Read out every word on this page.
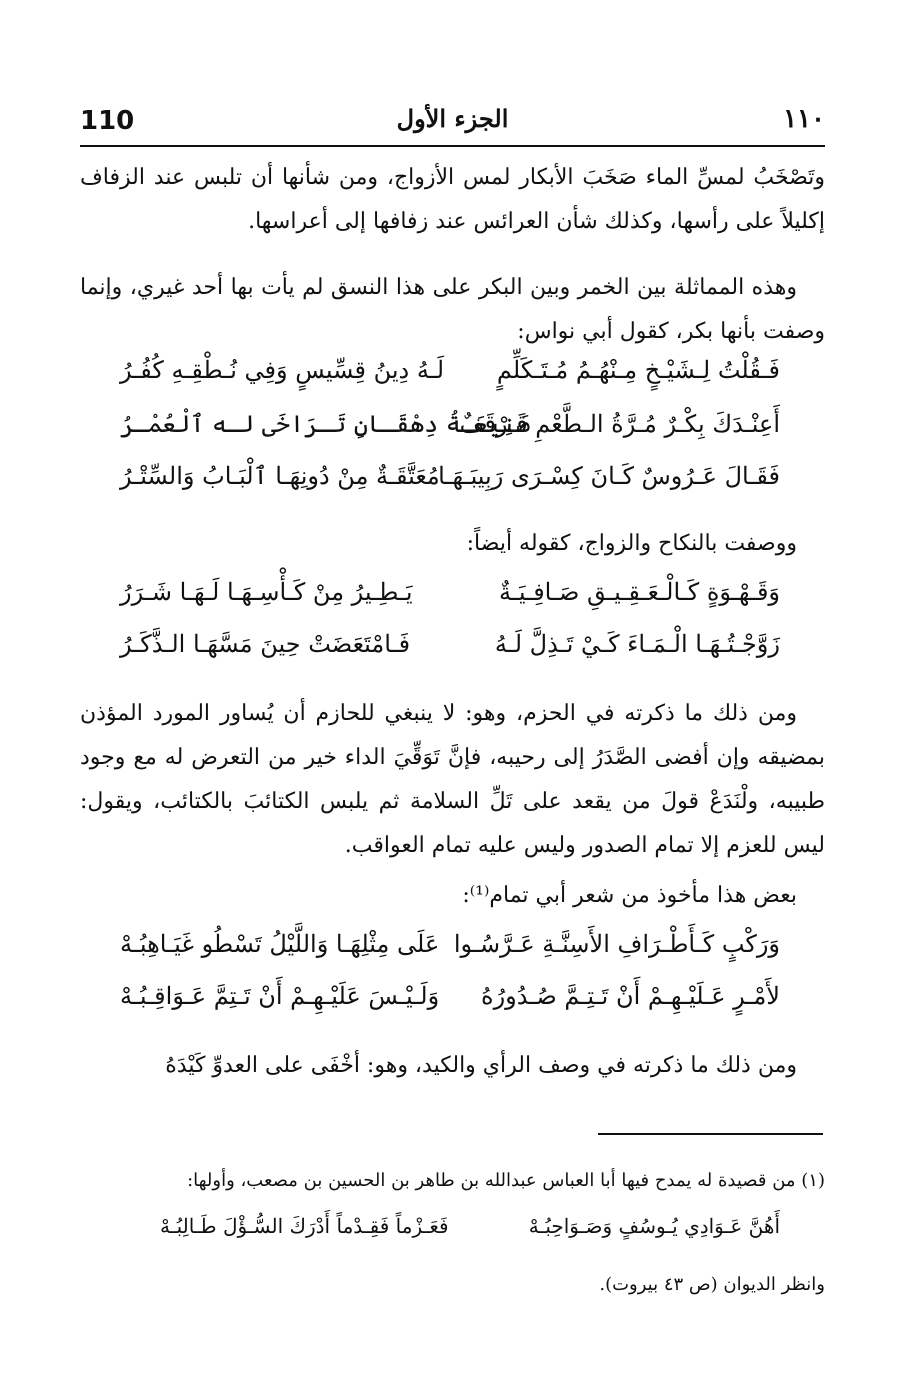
110	الجزء الأول	١١٠

وتَصْخَبُ لمسِّ الماء صَخَبَ الأبكار لمس الأزواج، ومن شأنها أن تلبس عند الزفاف إكليلاً على رأسها، وكذلك شأن العرائس عند زفافها إلى أعراسها.

وهذه المماثلة بين الخمر وبين البكر على هذا النسق لم يأت بها أحد غيري، وإنما وصفت بأنها بكر، كقول أبي نواس:

فَـقُلْتُ لِـشَيْـخٍ مِـنْهُـمُ مُـتَـكَلِّمٍ
لَـهُ دِينُ قِسِّيسٍ وَفِي نُـطْقِـهِ كُفُـرُ
أَعِنْـدَكَ بِكْـرٌ مُـرَّةُ الـطَّعْمِ قَـرْقَفٌ
صَنِيعَـةُ دِهْقَـانٍ تَـرَاخَى لـه ٱلْعُمْـرُ
فَقَـالَ عَـرُوسٌ كَـانَ كِسْـرَى رَبِيبَـهَـا
مُعَتَّقَـةٌ مِنْ دُونِهَـا ٱلْبَـابُ وَالسِّتْـرُ

ووصفت بالنكاح والزواج، كقوله أيضاً:

وَقَـهْـوَةٍ كَـالْـعَـقِـيـقِ صَـافِـيَـةٌ
يَـطِـيرُ مِنْ كَـأْسِـهَـا لَـهَـا شَـرَرُ
زَوَّجْـتُـهَـا الْـمَـاءَ كَـيْ تَـذِلَّ لَـهُ
فَـامْتَعَضَتْ حِينَ مَسَّهَـا الـذَّكَـرُ

ومن ذلك ما ذكرته في الحزم، وهو: لا ينبغي للحازم أن يُساور المورد المؤذن بمضيقه وإن أفضى الصَّدَرُ إلى رحيبه، فإنَّ تَوَقِّيَ الداء خير من التعرض له مع وجود طبيبه، ولْنَدَعْ قولَ من يقعد على تَلِّ السلامة ثم يلبس الكتائبَ بالكتائب، ويقول: ليس للعزم إلا تمام الصدور وليس عليه تمام العواقب.

بعض هذا مأخوذ من شعر أبي تمام⁽¹⁾:

وَرَكْبٍ كَـأَطْـرَافِ الأَسِنَّـةِ عَـرَّسُـوا
عَلَى مِثْلِهَـا وَاللَّيْلُ تَسْطُو غَيَـاهِبُـهْ
لأَمْـرٍ عَـلَيْـهِـمْ أَنْ تَـتِـمَّ صُـدُورُهُ
وَلَـيْـسَ عَلَيْـهِـمْ أَنْ تَـتِمَّ عَـوَاقِـبُـهْ

ومن ذلك ما ذكرته في وصف الرأي والكيد، وهو: أخْفَى على العدوِّ كَيْدَهُ

(١) من قصيدة له يمدح فيها أبا العباس عبدالله بن طاهر بن الحسين بن مصعب، وأولها:

أَهُنَّ عَـوَادِي يُـوسُفٍ وَصَـوَاحِبُـهْ
فَعَـزْماً فَقِـدْماً أَدْرَكَ السُّـؤْلَ طَـالِبُـهْ

وانظر الديوان (ص ٤٣ بيروت).
